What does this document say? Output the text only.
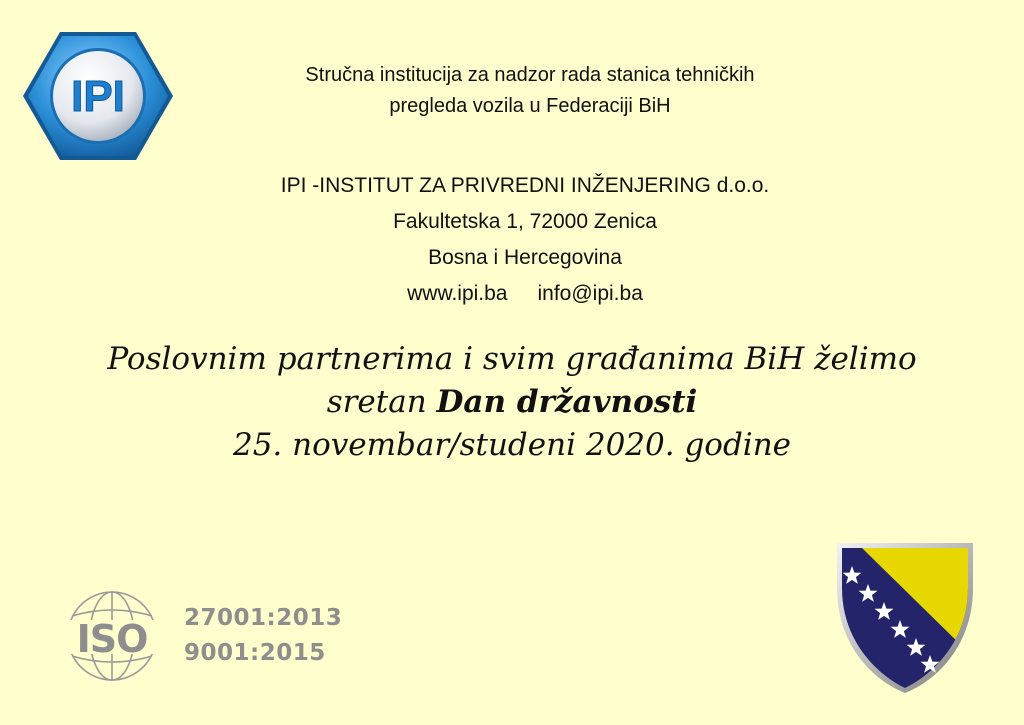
IPI	Stručna institucija za nadzor rada stanica tehničkih
pregleda vozila u Federaciji BiH
IPI -INSTITUT ZA PRIVREDNI INŽENJERING d.o.o.
Fakultetska 1, 72000 Zenica
Bosna i Hercegovina
www.ipi.ba info@ipi.ba
Poslovnim partnerima i svim građanima BiH želimo
sretan Dan državnosti
25. novembar/studeni 2020. godine
ISO 27001:2013
9001:2015
